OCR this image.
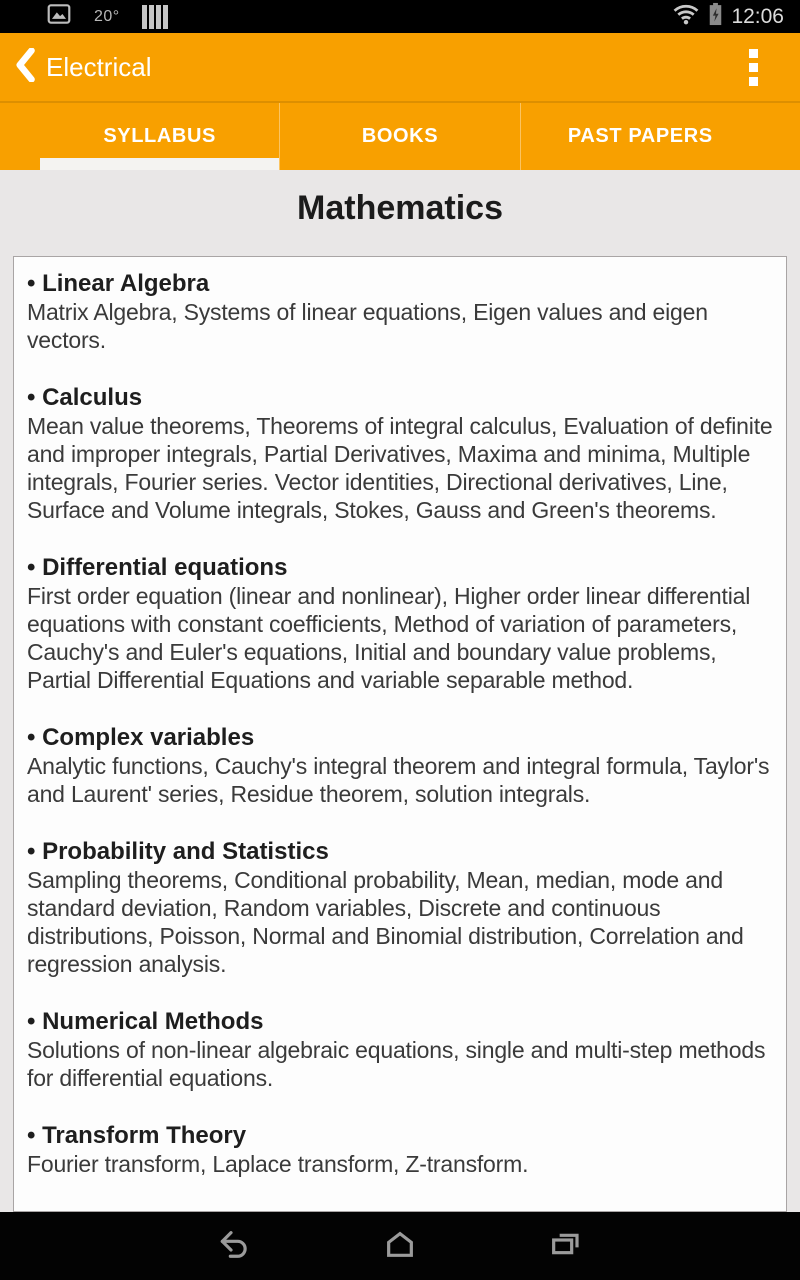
20°	12:06
Electrical
SYLLABUS	BOOKS	PAST PAPERS
Mathematics
• Linear Algebra
Matrix Algebra, Systems of linear equations, Eigen values and eigen vectors.
• Calculus
Mean value theorems, Theorems of integral calculus, Evaluation of definite and improper integrals, Partial Derivatives, Maxima and minima, Multiple integrals, Fourier series. Vector identities, Directional derivatives, Line, Surface and Volume integrals, Stokes, Gauss and Green's theorems.
• Differential equations
First order equation (linear and nonlinear), Higher order linear differential equations with constant coefficients, Method of variation of parameters, Cauchy's and Euler's equations, Initial and boundary value problems, Partial Differential Equations and variable separable method.
• Complex variables
Analytic functions, Cauchy's integral theorem and integral formula, Taylor's and Laurent' series, Residue theorem, solution integrals.
• Probability and Statistics
Sampling theorems, Conditional probability, Mean, median, mode and standard deviation, Random variables, Discrete and continuous distributions, Poisson, Normal and Binomial distribution, Correlation and regression analysis.
• Numerical Methods
Solutions of non-linear algebraic equations, single and multi-step methods for differential equations.
• Transform Theory
Fourier transform, Laplace transform, Z-transform.
